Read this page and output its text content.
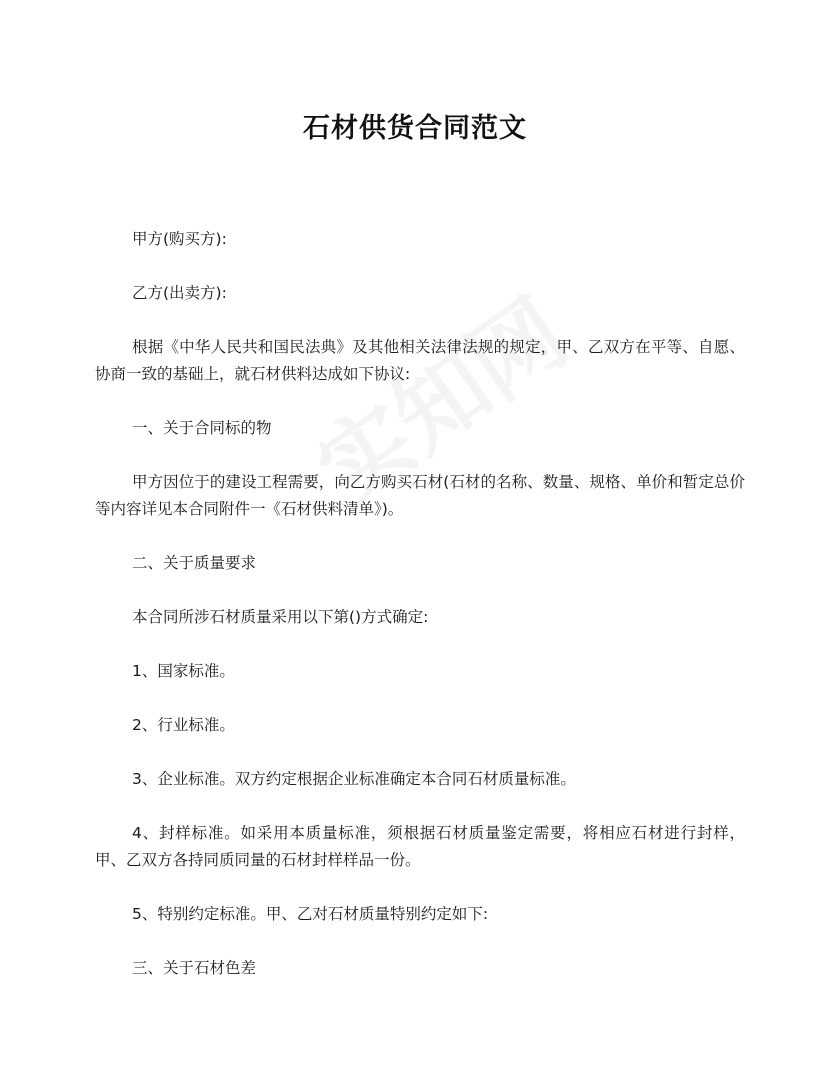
石材供货合同范文

甲方(购买方):

乙方(出卖方):

根据《中华人民共和国民法典》及其他相关法律法规的规定，甲、乙双方在平等、自愿、协商一致的基础上，就石材供料达成如下协议:

一、关于合同标的物

甲方因位于的建设工程需要，向乙方购买石材(石材的名称、数量、规格、单价和暂定总价等内容详见本合同附件一《石材供料清单》)。

二、关于质量要求

本合同所涉石材质量采用以下第()方式确定:

1、国家标准。

2、行业标准。

3、企业标准。双方约定根据企业标准确定本合同石材质量标准。

4、封样标准。如采用本质量标准，须根据石材质量鉴定需要，将相应石材进行封样，甲、乙双方各持同质同量的石材封样样品一份。

5、特别约定标准。甲、乙对石材质量特别约定如下:

三、关于石材色差
